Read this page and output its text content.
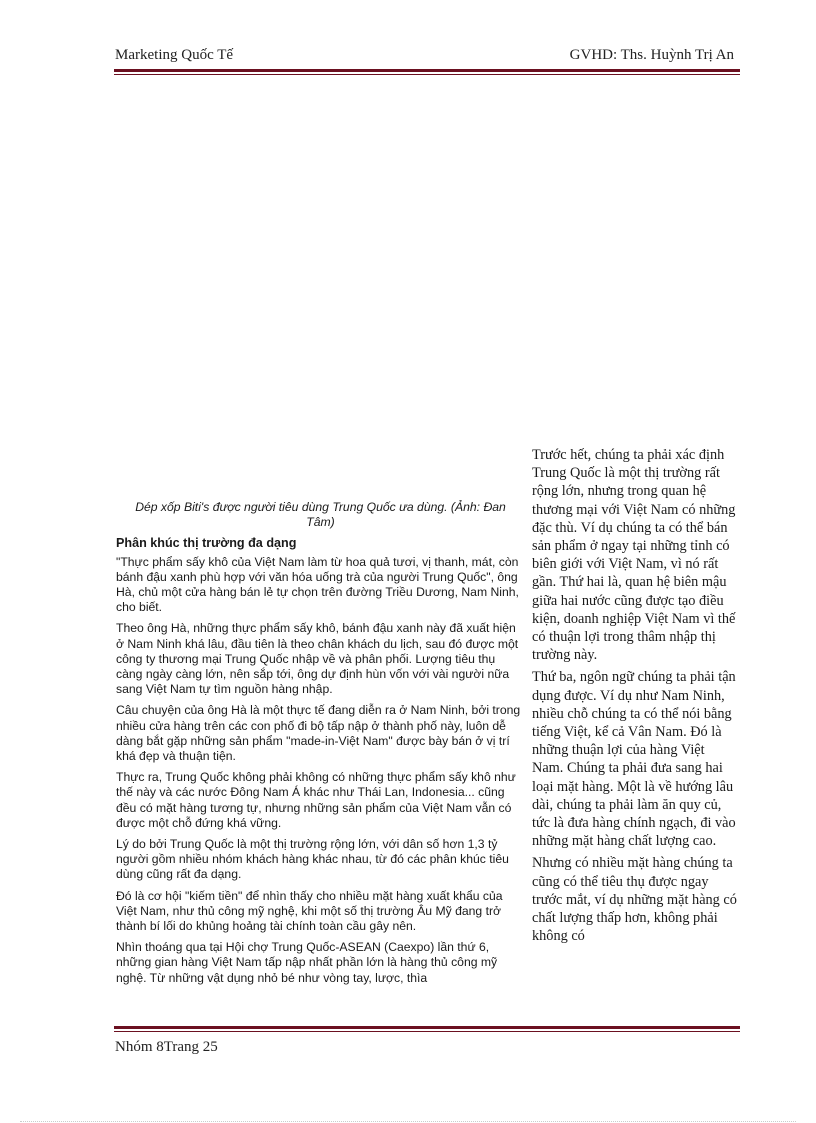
Marketing Quốc Tế	GVHD: Ths. Huỳnh Trị An

Dép xốp Biti's được người tiêu dùng Trung Quốc ưa dùng. (Ảnh: Đan Tâm)

Phân khúc thị trường đa dạng

"Thực phẩm sấy khô của Việt Nam làm từ hoa quả tươi, vị thanh, mát, còn bánh đậu xanh phù hợp với văn hóa uống trà của người Trung Quốc", ông Hà, chủ một cửa hàng bán lẻ tự chọn trên đường Triều Dương, Nam Ninh, cho biết.

Theo ông Hà, những thực phẩm sấy khô, bánh đậu xanh này đã xuất hiện ở Nam Ninh khá lâu, đầu tiên là theo chân khách du lịch, sau đó được một công ty thương mại Trung Quốc nhập về và phân phối. Lượng tiêu thụ càng ngày càng lớn, nên sắp tới, ông dự định hùn vốn với vài người nữa sang Việt Nam tự tìm nguồn hàng nhập.

Câu chuyện của ông Hà là một thực tế đang diễn ra ở Nam Ninh, bởi trong nhiều cửa hàng trên các con phố đi bộ tấp nập ở thành phố này, luôn dễ dàng bắt gặp những sản phẩm "made-in-Việt Nam" được bày bán ở vị trí khá đẹp và thuận tiện.

Thực ra, Trung Quốc không phải không có những thực phẩm sấy khô như thế này và các nước Đông Nam Á khác như Thái Lan, Indonesia... cũng đều có mặt hàng tương tự, nhưng những sản phẩm của Việt Nam vẫn có được một chỗ đứng khá vững.

Lý do bởi Trung Quốc là một thị trường rộng lớn, với dân số hơn 1,3 tỷ người gồm nhiều nhóm khách hàng khác nhau, từ đó các phân khúc tiêu dùng cũng rất đa dạng.

Đó là cơ hội "kiếm tiền" để nhìn thấy cho nhiều mặt hàng xuất khẩu của Việt Nam, như thủ công mỹ nghệ, khi một số thị trường Âu Mỹ đang trở thành bí lối do khủng hoảng tài chính toàn cầu gây nên.

Nhìn thoáng qua tại Hội chợ Trung Quốc-ASEAN (Caexpo) lần thứ 6, những gian hàng Việt Nam tấp nập nhất phần lớn là hàng thủ công mỹ nghệ. Từ những vật dụng nhỏ bé như vòng tay, lược, thìa

Trước hết, chúng ta phải xác định Trung Quốc là một thị trường rất rộng lớn, nhưng trong quan hệ thương mại với Việt Nam có những đặc thù. Ví dụ chúng ta có thể bán sản phẩm ở ngay tại những tỉnh có biên giới với Việt Nam, vì nó rất gần. Thứ hai là, quan hệ biên mậu giữa hai nước cũng được tạo điều kiện, doanh nghiệp Việt Nam vì thế có thuận lợi trong thâm nhập thị trường này.

Thứ ba, ngôn ngữ chúng ta phải tận dụng được. Ví dụ như Nam Ninh, nhiều chỗ chúng ta có thể nói bằng tiếng Việt, kể cả Vân Nam. Đó là những thuận lợi của hàng Việt Nam. Chúng ta phải đưa sang hai loại mặt hàng. Một là về hướng lâu dài, chúng ta phải làm ăn quy củ, tức là đưa hàng chính ngạch, đi vào những mặt hàng chất lượng cao.

Nhưng có nhiều mặt hàng chúng ta cũng có thể tiêu thụ được ngay trước mắt, ví dụ những mặt hàng có chất lượng thấp hơn, không phải không có

Nhóm 8Trang 25
